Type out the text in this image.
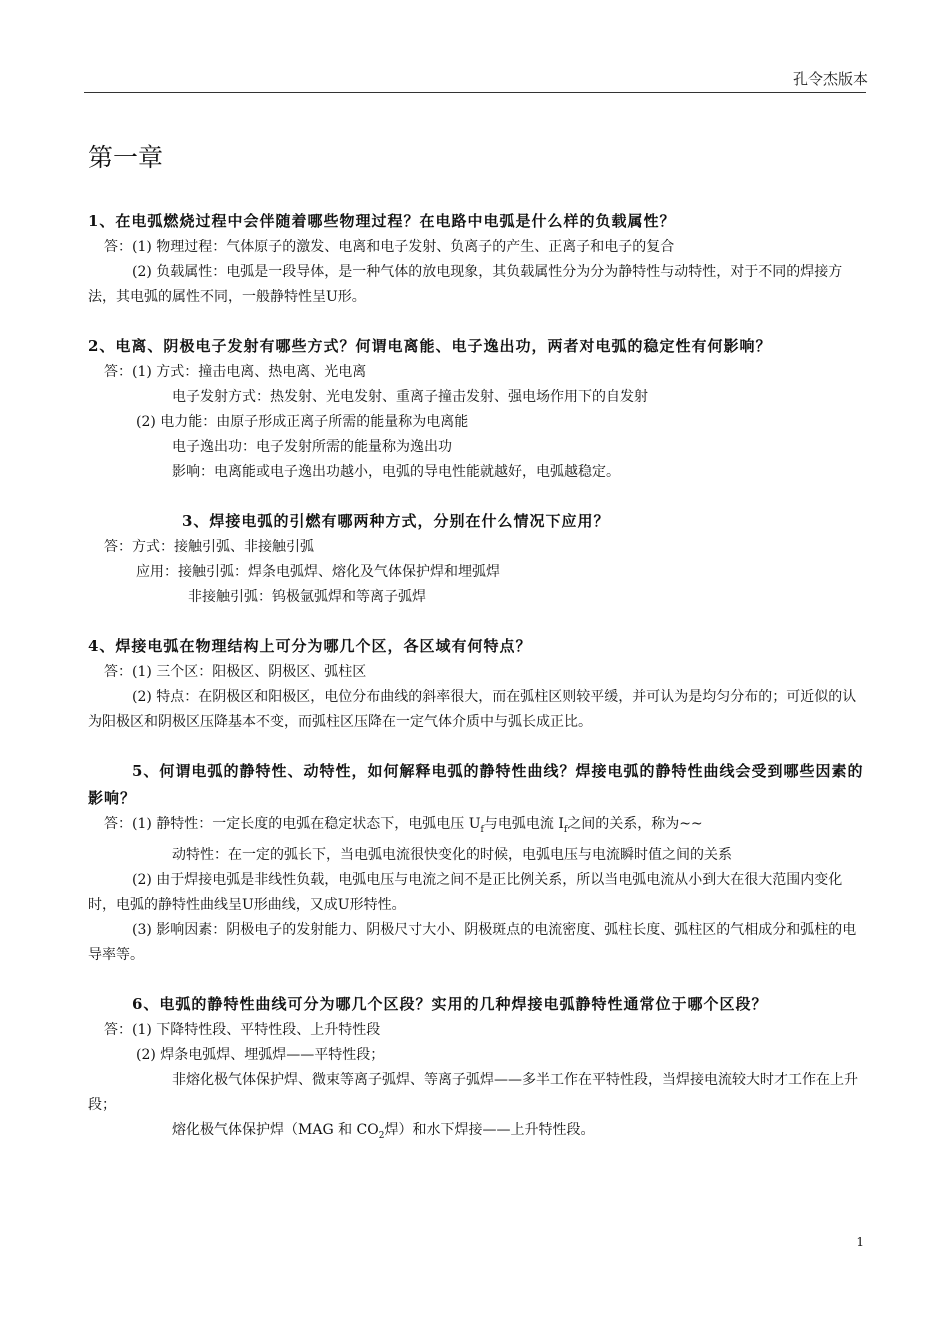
孔令杰版本
第一章

1、在电弧燃烧过程中会伴随着哪些物理过程？在电路中电弧是什么样的负载属性？

答：(1) 物理过程：气体原子的激发、电离和电子发射、负离子的产生、正离子和电子的复合

(2) 负载属性：电弧是一段导体，是一种气体的放电现象，其负载属性分为分为静特性与动特性，对于不同的焊接方法，其电弧的属性不同，一般静特性呈U形。

2、电离、阴极电子发射有哪些方式？何谓电离能、电子逸出功，两者对电弧的稳定性有何影响？

答：(1) 方式：撞击电离、热电离、光电离

电子发射方式：热发射、光电发射、重离子撞击发射、强电场作用下的自发射

(2) 电力能：由原子形成正离子所需的能量称为电离能

电子逸出功：电子发射所需的能量称为逸出功

影响：电离能或电子逸出功越小，电弧的导电性能就越好，电弧越稳定。

3、焊接电弧的引燃有哪两种方式，分别在什么情况下应用？

答：方式：接触引弧、非接触引弧

应用：接触引弧：焊条电弧焊、熔化及气体保护焊和埋弧焊

非接触引弧：钨极氩弧焊和等离子弧焊

4、焊接电弧在物理结构上可分为哪几个区，各区域有何特点？

答：(1) 三个区：阳极区、阴极区、弧柱区

(2) 特点：在阴极区和阳极区，电位分布曲线的斜率很大，而在弧柱区则较平缓，并可认为是均匀分布的；可近似的认为阳极区和阴极区压降基本不变，而弧柱区压降在一定气体介质中与弧长成正比。

5、何谓电弧的静特性、动特性，如何解释电弧的静特性曲线？焊接电弧的静特性曲线会受到哪些因素的影响？

答：(1) 静特性：一定长度的电弧在稳定状态下，电弧电压 $U_f$与电弧电流 $I_f$之间的关系，称为~~

动特性：在一定的弧长下，当电弧电流很快变化的时候，电弧电压与电流瞬时值之间的关系

(2) 由于焊接电弧是非线性负载，电弧电压与电流之间不是正比例关系，所以当电弧电流从小到大在很大范围内变化时，电弧的静特性曲线呈U形曲线，又成U形特性。

(3) 影响因素：阴极电子的发射能力、阴极尺寸大小、阴极斑点的电流密度、弧柱长度、弧柱区的气相成分和弧柱的电导率等。

6、电弧的静特性曲线可分为哪几个区段？实用的几种焊接电弧静特性通常位于哪个区段？

答：(1) 下降特性段、平特性段、上升特性段

(2) 焊条电弧焊、埋弧焊——平特性段；

非熔化极气体保护焊、微束等离子弧焊、等离子弧焊——多半工作在平特性段，当焊接电流较大时才工作在上升段；

熔化极气体保护焊（MAG 和 $CO_2$焊）和水下焊接——上升特性段。

1
